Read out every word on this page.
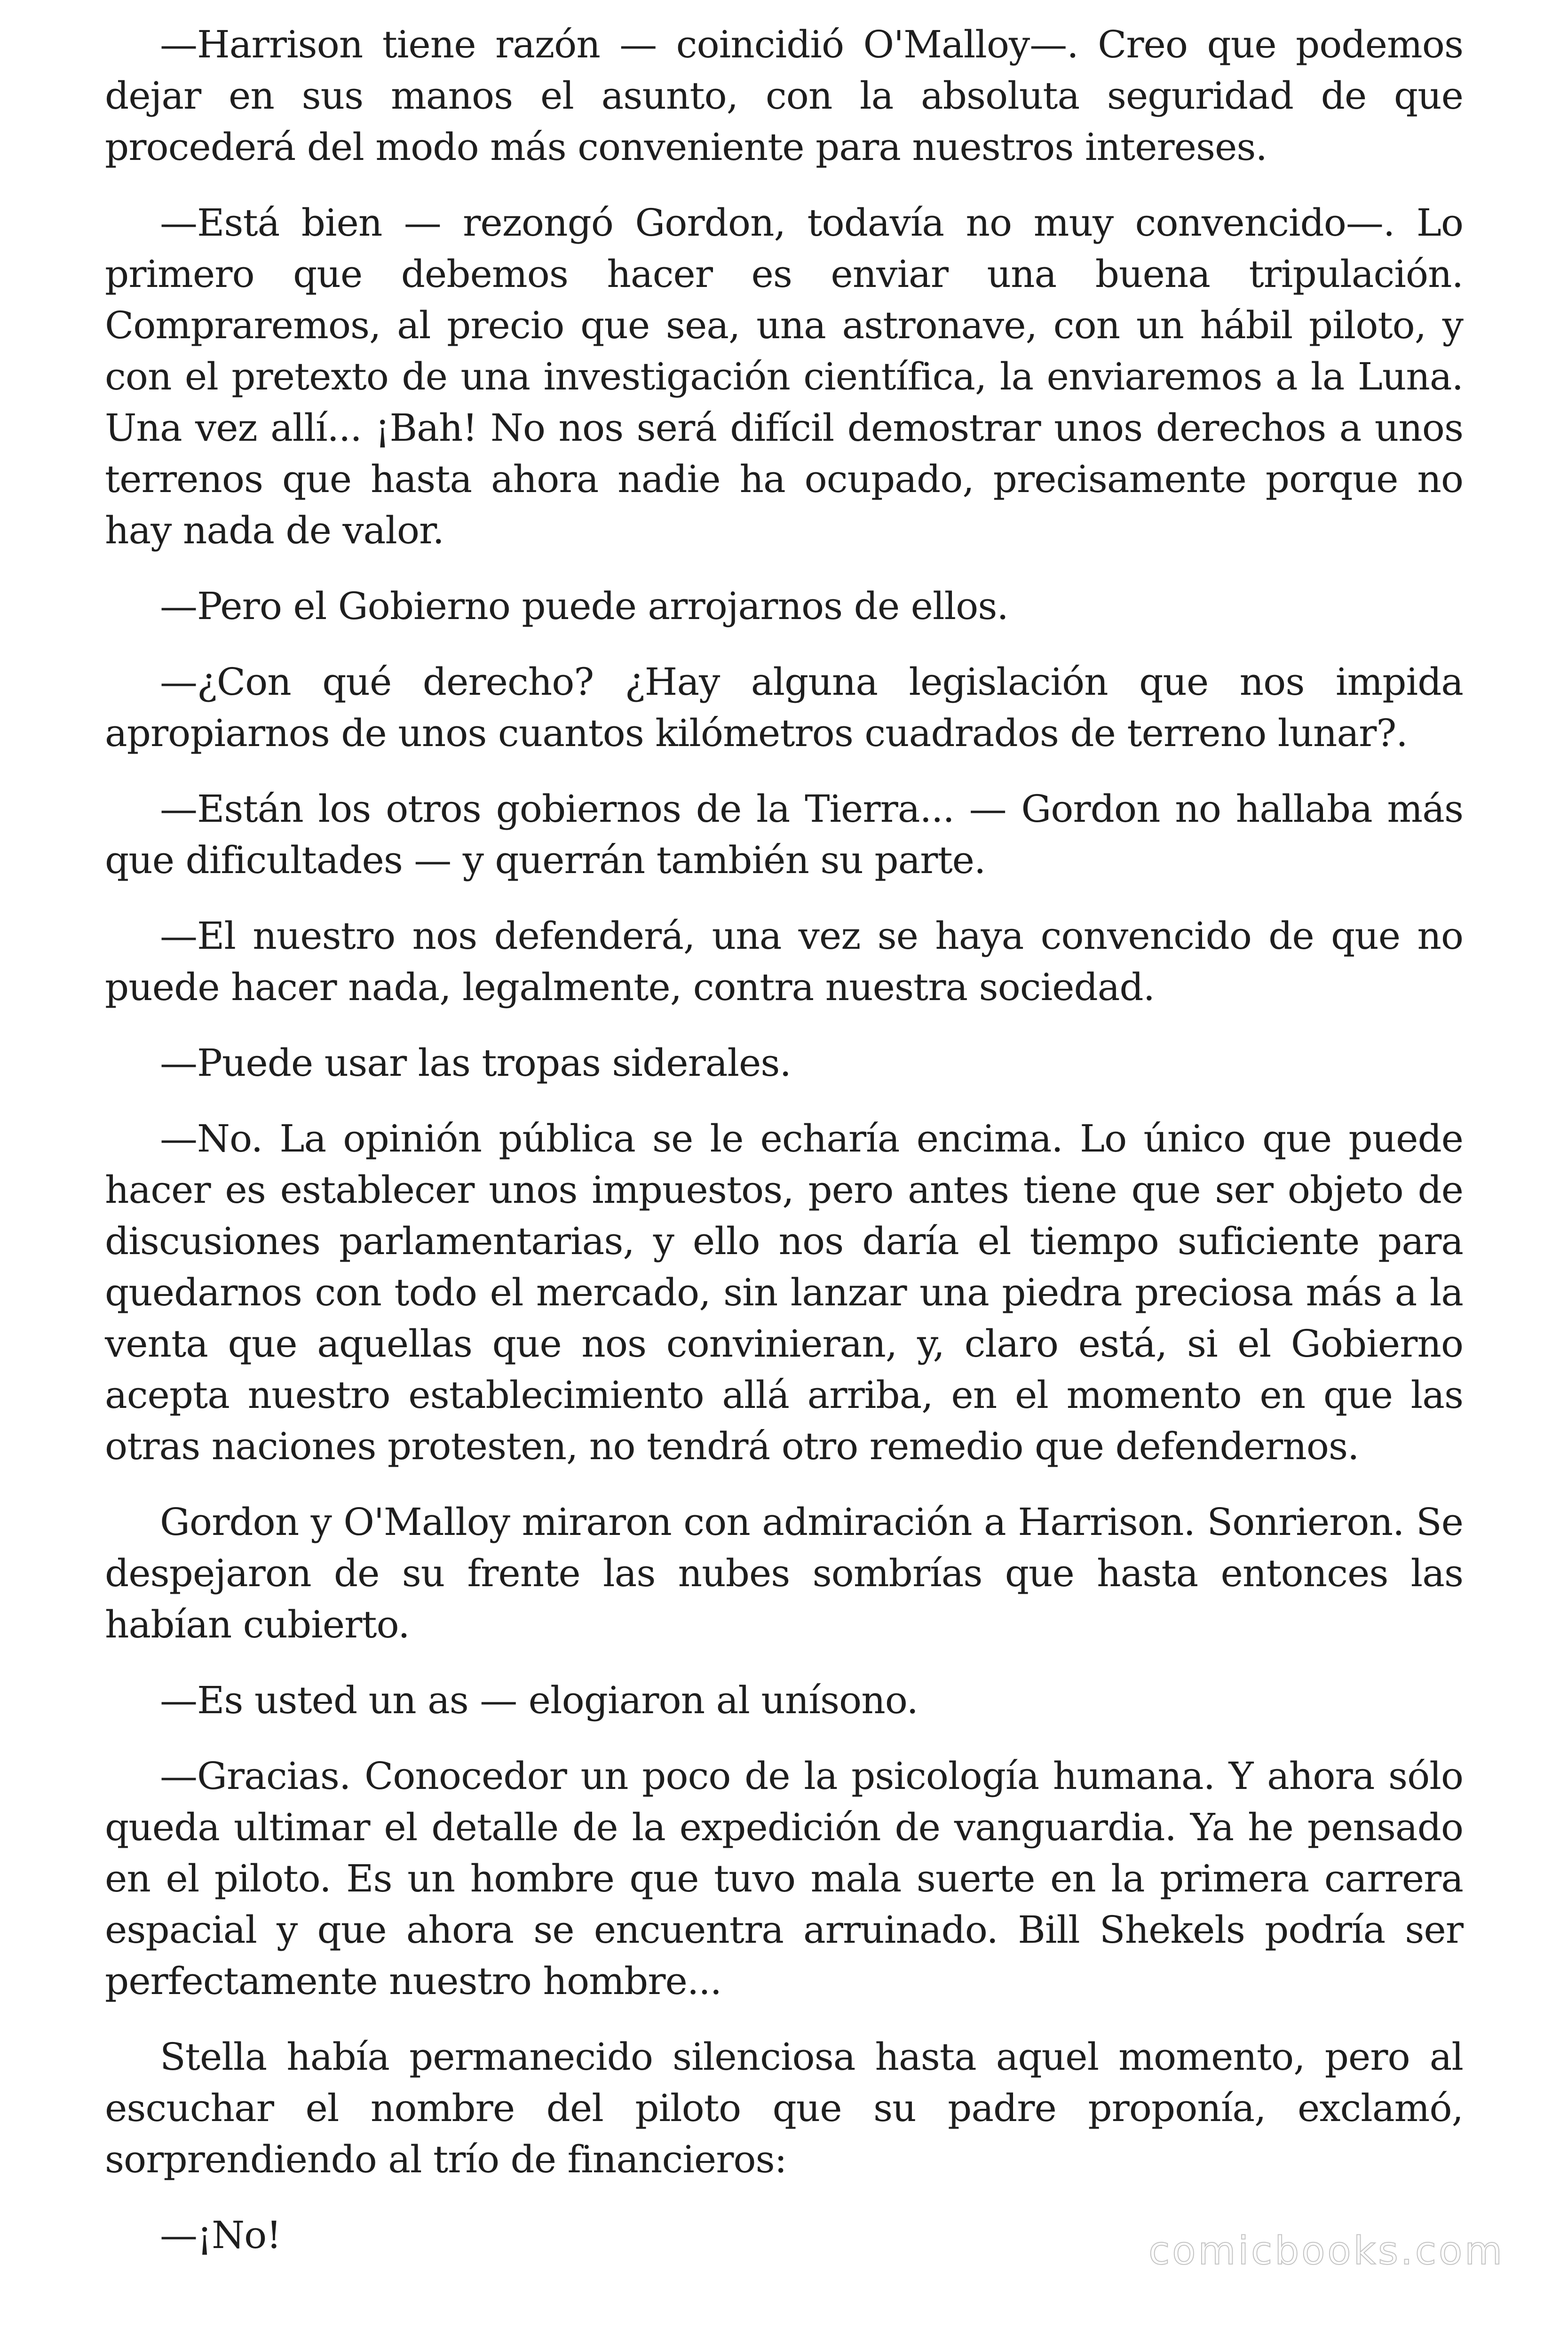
—Harrison tiene razón — coincidió O'Malloy—. Creo que podemos dejar en sus manos el asunto, con la absoluta seguridad de que procederá del modo más conveniente para nuestros intereses.

—Está bien — rezongó Gordon, todavía no muy convencido—. Lo primero que debemos hacer es enviar una buena tripulación. Compraremos, al precio que sea, una astronave, con un hábil piloto, y con el pretexto de una investigación científica, la enviaremos a la Luna. Una vez allí... ¡Bah! No nos será difícil demostrar unos derechos a unos terrenos que hasta ahora nadie ha ocupado, precisamente porque no hay nada de valor.

—Pero el Gobierno puede arrojarnos de ellos.

—¿Con qué derecho? ¿Hay alguna legislación que nos impida apropiarnos de unos cuantos kilómetros cuadrados de terreno lunar?.

—Están los otros gobiernos de la Tierra... — Gordon no hallaba más que dificultades — y querrán también su parte.

—El nuestro nos defenderá, una vez se haya convencido de que no puede hacer nada, legalmente, contra nuestra sociedad.

—Puede usar las tropas siderales.

—No. La opinión pública se le echaría encima. Lo único que puede hacer es establecer unos impuestos, pero antes tiene que ser objeto de discusiones parlamentarias, y ello nos daría el tiempo suficiente para quedarnos con todo el mercado, sin lanzar una piedra preciosa más a la venta que aquellas que nos convinieran, y, claro está, si el Gobierno acepta nuestro establecimiento allá arriba, en el momento en que las otras naciones protesten, no tendrá otro remedio que defendernos.

Gordon y O'Malloy miraron con admiración a Harrison. Sonrieron. Se despejaron de su frente las nubes sombrías que hasta entonces las habían cubierto.

—Es usted un as — elogiaron al unísono.

—Gracias. Conocedor un poco de la psicología humana. Y ahora sólo queda ultimar el detalle de la expedición de vanguardia. Ya he pensado en el piloto. Es un hombre que tuvo mala suerte en la primera carrera espacial y que ahora se encuentra arruinado. Bill Shekels podría ser perfectamente nuestro hombre...

Stella había permanecido silenciosa hasta aquel momento, pero al escuchar el nombre del piloto que su padre proponía, exclamó, sorprendiendo al trío de financieros:

—¡No!	comicbooks.com
